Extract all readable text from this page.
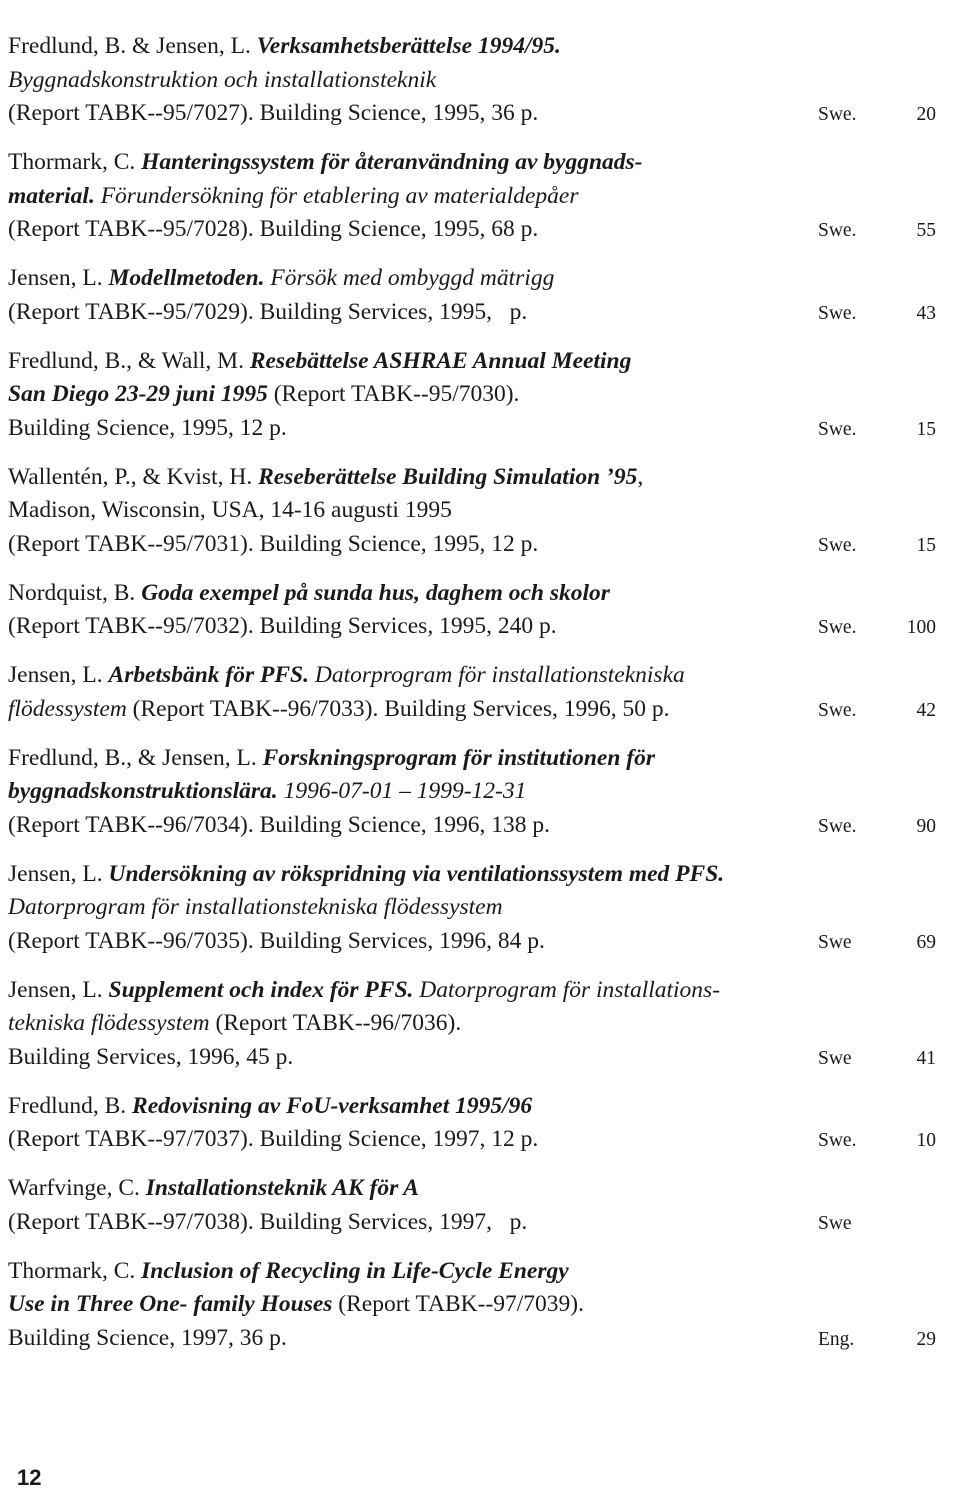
Fredlund, B. & Jensen, L. Verksamhetsberättelse 1994/95.
Byggnadskonstruktion och installationsteknik
(Report TABK--95/7027). Building Science, 1995, 36 p.	Swe.	20
Thormark, C. Hanteringssystem för återanvändning av byggnads-
material. Förundersökning för etablering av materialdepåer
(Report TABK--95/7028). Building Science, 1995, 68 p.	Swe.	55
Jensen, L. Modellmetoden. Försök med ombyggd mätrigg
(Report TABK--95/7029). Building Services, 1995,   p.	Swe.	43
Fredlund, B., & Wall, M. Resebättelse ASHRAE Annual Meeting
San Diego 23-29 juni 1995 (Report TABK--95/7030).
Building Science, 1995, 12 p.	Swe.	15
Wallentén, P., & Kvist, H. Reseberättelse Building Simulation ’95,
Madison, Wisconsin, USA, 14-16 augusti 1995
(Report TABK--95/7031). Building Science, 1995, 12 p.	Swe.	15
Nordquist, B. Goda exempel på sunda hus, daghem och skolor
(Report TABK--95/7032). Building Services, 1995, 240 p.	Swe.	100
Jensen, L. Arbetsbänk för PFS. Datorprogram för installationstekniska
flödessystem (Report TABK--96/7033). Building Services, 1996, 50 p.	Swe.	42
Fredlund, B., & Jensen, L. Forskningsprogram för institutionen för
byggnadskonstruktionslära. 1996-07-01 – 1999-12-31
(Report TABK--96/7034). Building Science, 1996, 138 p.	Swe.	90
Jensen, L. Undersökning av rökspridning via ventilationssystem med PFS.
Datorprogram för installationstekniska flödessystem
(Report TABK--96/7035). Building Services, 1996, 84 p.	Swe	69
Jensen, L. Supplement och index för PFS. Datorprogram för installations-
tekniska flödessystem (Report TABK--96/7036).
Building Services, 1996, 45 p.	Swe	41
Fredlund, B. Redovisning av FoU-verksamhet 1995/96
(Report TABK--97/7037). Building Science, 1997, 12 p.	Swe.	10
Warfvinge, C. Installationsteknik AK för A
(Report TABK--97/7038). Building Services, 1997,   p.	Swe
Thormark, C. Inclusion of Recycling in Life-Cycle Energy
Use in Three One- family Houses (Report TABK--97/7039).
Building Science, 1997, 36 p.	Eng.	29
12
